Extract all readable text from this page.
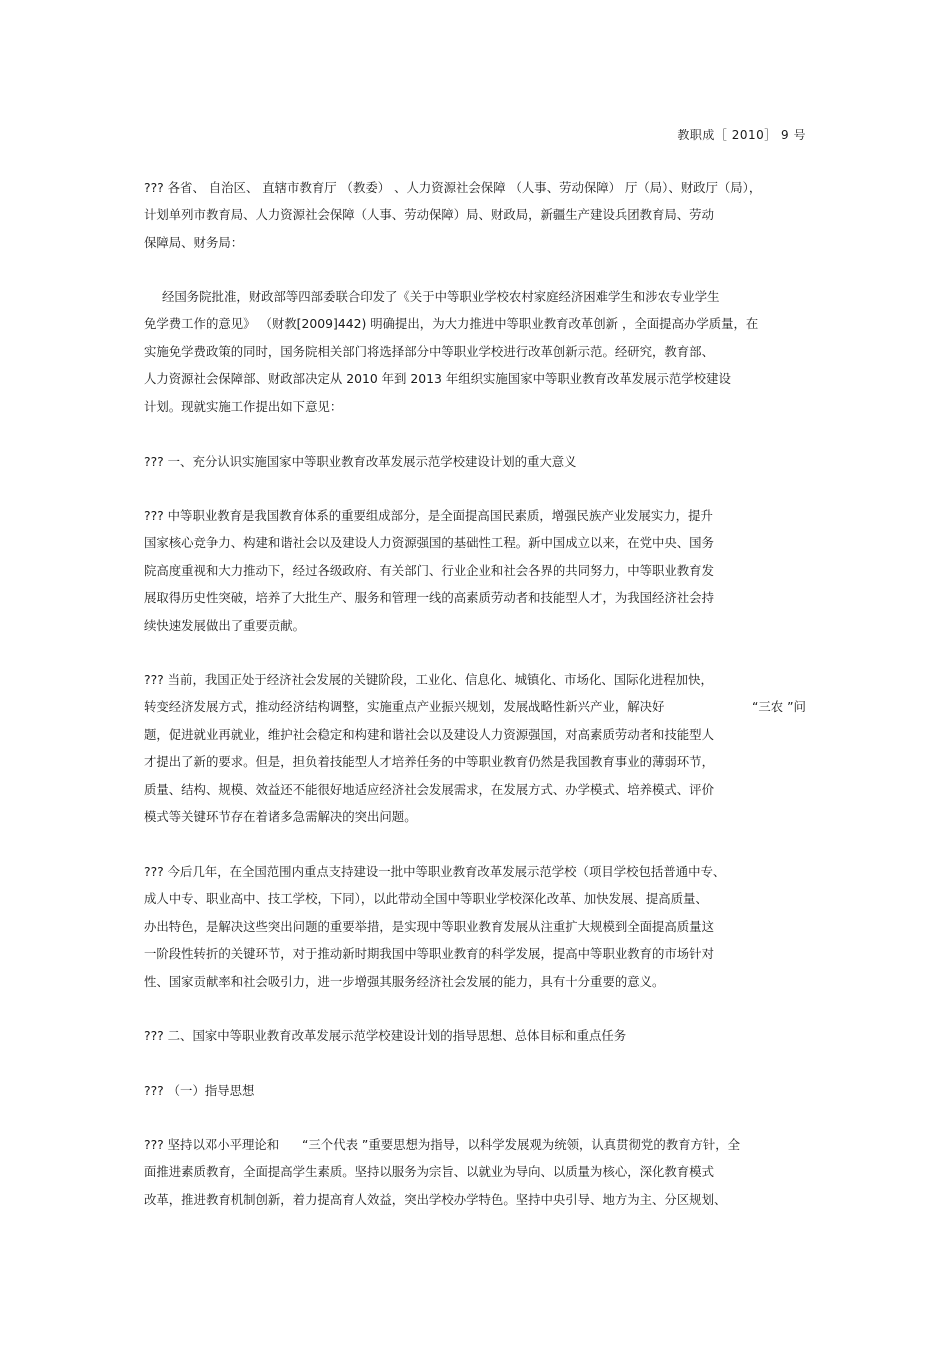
教职成［ 2010］ 9 号
??? 各省、 自治区、 直辖市教育厅 （教委） 、人力资源社会保障 （人事、劳动保障） 厅（局）、财政厅（局），
计划单列市教育局、人力资源社会保障（人事、劳动保障）局、财政局，新疆生产建设兵团教育局、劳动
保障局、财务局：
经国务院批准，财政部等四部委联合印发了《关于中等职业学校农村家庭经济困难学生和涉农专业学生
免学费工作的意见》 （财教[2009]442) 明确提出，为大力推进中等职业教育改革创新 ，全面提高办学质量，在
实施免学费政策的同时，国务院相关部门将选择部分中等职业学校进行改革创新示范。经研究，教育部、
人力资源社会保障部、财政部决定从 2010 年到 2013 年组织实施国家中等职业教育改革发展示范学校建设
计划。现就实施工作提出如下意见：
??? 一、充分认识实施国家中等职业教育改革发展示范学校建设计划的重大意义
??? 中等职业教育是我国教育体系的重要组成部分，是全面提高国民素质，增强民族产业发展实力，提升
国家核心竞争力、构建和谐社会以及建设人力资源强国的基础性工程。新中国成立以来，在党中央、国务
院高度重视和大力推动下，经过各级政府、有关部门、行业企业和社会各界的共同努力，中等职业教育发
展取得历史性突破，培养了大批生产、服务和管理一线的高素质劳动者和技能型人才，为我国经济社会持
续快速发展做出了重要贡献。
??? 当前，我国正处于经济社会发展的关键阶段，工业化、信息化、城镇化、市场化、国际化进程加快，
转变经济发展方式，推动经济结构调整，实施重点产业振兴规划，发展战略性新兴产业，解决好	“三农 ”问
题，促进就业再就业，维护社会稳定和构建和谐社会以及建设人力资源强国，对高素质劳动者和技能型人
才提出了新的要求。但是，担负着技能型人才培养任务的中等职业教育仍然是我国教育事业的薄弱环节，
质量、结构、规模、效益还不能很好地适应经济社会发展需求，在发展方式、办学模式、培养模式、评价
模式等关键环节存在着诸多急需解决的突出问题。
??? 今后几年，在全国范围内重点支持建设一批中等职业教育改革发展示范学校（项目学校包括普通中专、
成人中专、职业高中、技工学校，下同），以此带动全国中等职业学校深化改革、加快发展、提高质量、
办出特色，是解决这些突出问题的重要举措，是实现中等职业教育发展从注重扩大规模到全面提高质量这
一阶段性转折的关键环节，对于推动新时期我国中等职业教育的科学发展，提高中等职业教育的市场针对
性、国家贡献率和社会吸引力，进一步增强其服务经济社会发展的能力，具有十分重要的意义。
??? 二、国家中等职业教育改革发展示范学校建设计划的指导思想、总体目标和重点任务
??? （一）指导思想
??? 坚持以邓小平理论和 “三个代表 ”重要思想为指导，以科学发展观为统领，认真贯彻党的教育方针，全
面推进素质教育，全面提高学生素质。坚持以服务为宗旨、以就业为导向、以质量为核心，深化教育模式
改革，推进教育机制创新，着力提高育人效益，突出学校办学特色。坚持中央引导、地方为主、分区规划、
